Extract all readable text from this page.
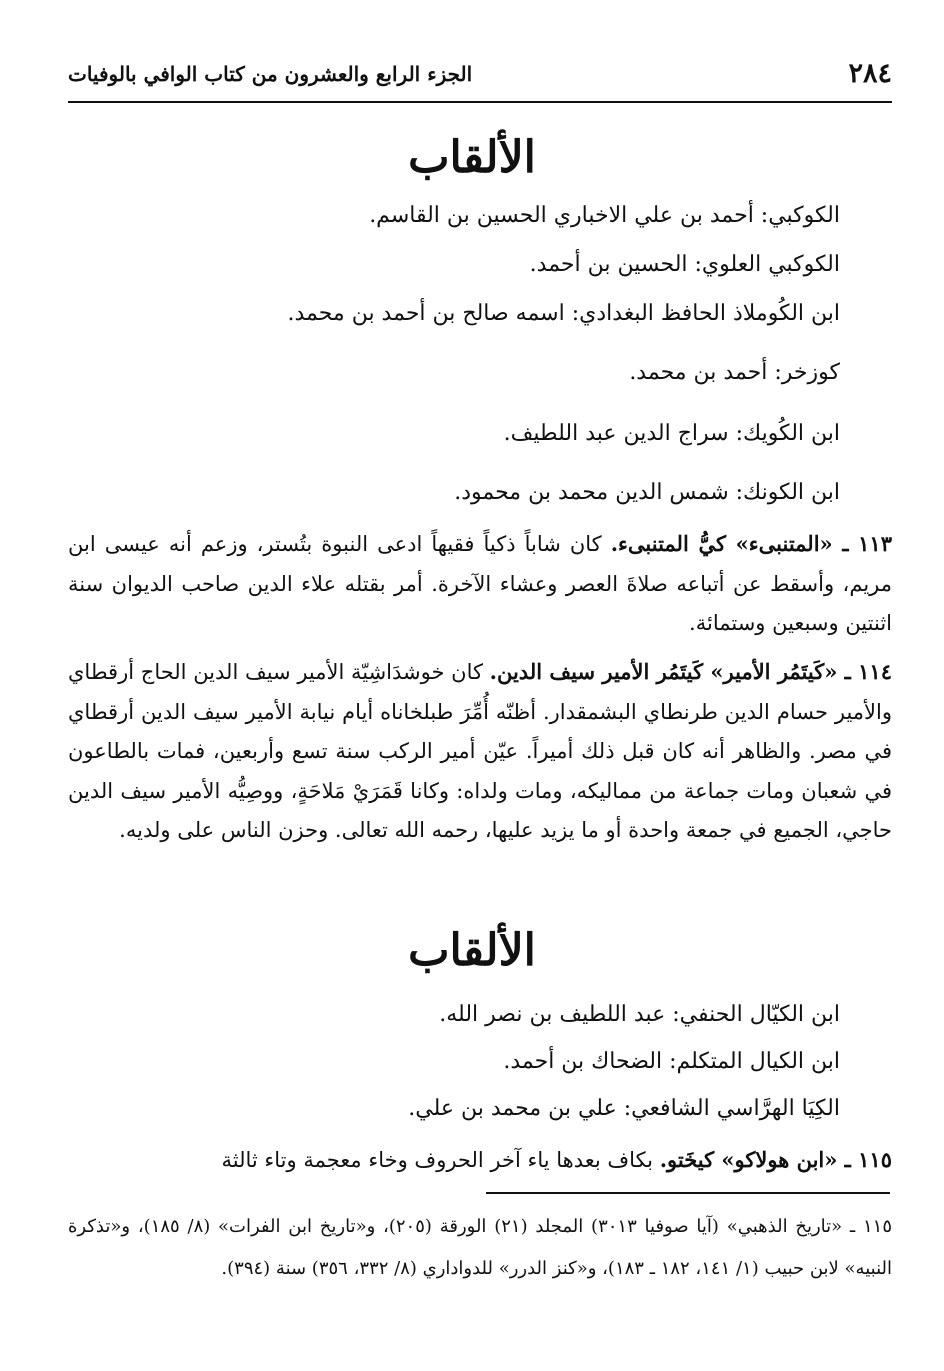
٢٨٤
الجزء الرابع والعشرون من كتاب الوافي بالوفيات
الألقاب
الكوكبي: أحمد بن علي الاخباري الحسين بن القاسم.
الكوكبي العلوي: الحسين بن أحمد.
ابن الكُوملاذ الحافظ البغدادي: اسمه صالح بن أحمد بن محمد.
كوزخر: أحمد بن محمد.
ابن الكُويك: سراج الدين عبد اللطيف.
ابن الكونك: شمس الدين محمد بن محمود.
١١٣ ـ «المتنبىء» كيُّ المتنبىء. كان شاباً ذكياً فقيهاً ادعى النبوة بتُستر، وزعم أنه عيسى ابن مريم، وأسقط عن أتباعه صلاةَ العصر وعشاء الآخرة. أمر بقتله علاء الدين صاحب الديوان سنة اثنتين وسبعين وستمائة.
١١٤ ـ «كَيتَمُر الأمير» كَيتَمُر الأمير سيف الدين. كان خوشدَاشِيّة الأمير سيف الدين الحاج أرقطاي والأمير حسام الدين طرنطاي البشمقدار. أظنّه أُمِّرَ طبلخاناه أيام نيابة الأمير سيف الدين أرقطاي في مصر. والظاهر أنه كان قبل ذلك أميراً. عيّن أمير الركب سنة تسع وأربعين، فمات بالطاعون في شعبان ومات جماعة من مماليكه، ومات ولداه: وكانا قَمَرَيْ مَلاحَةٍ، ووصِيُّه الأمير سيف الدين حاجي، الجميع في جمعة واحدة أو ما يزيد عليها، رحمه الله تعالى. وحزن الناس على ولديه.
الألقاب
ابن الكيّال الحنفي: عبد اللطيف بن نصر الله.
ابن الكيال المتكلم: الضحاك بن أحمد.
الكِيَا الهرَّاسي الشافعي: علي بن محمد بن علي.
١١٥ ـ «ابن هولاكو» كيخَتو. بكاف بعدها ياء آخر الحروف وخاء معجمة وتاء ثالثة
١١٥ ـ «تاريخ الذهبي» (آيا صوفيا ٣٠١٣) المجلد (٢١) الورقة (٢٠٥)، و«تاريخ ابن الفرات» (٨/ ١٨٥)، و«تذكرة النبيه» لابن حبيب (١/ ١٤١، ١٨٢ ـ ١٨٣)، و«كنز الدرر» للدواداري (٨/ ٣٣٢، ٣٥٦) سنة (٣٩٤).
